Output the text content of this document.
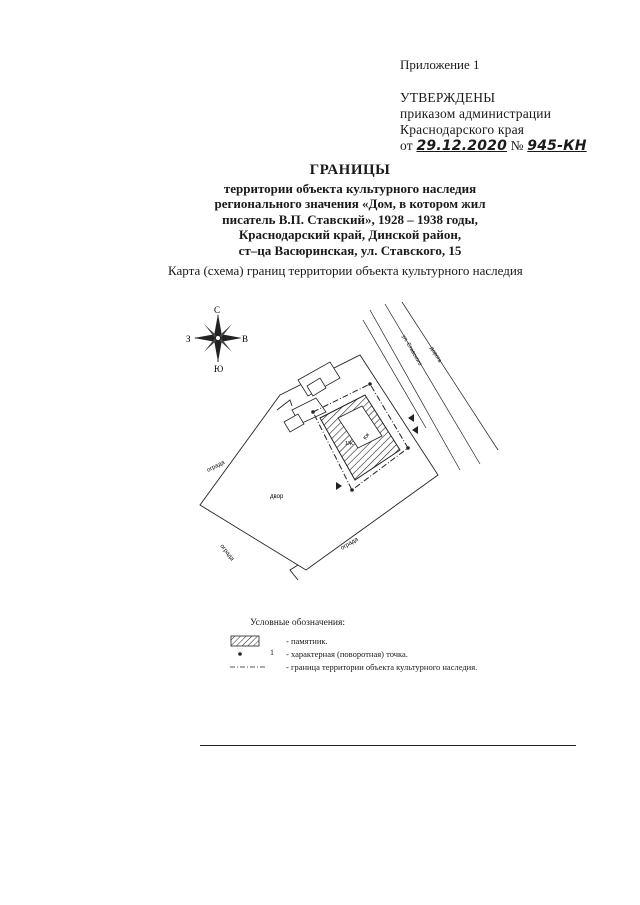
Приложение 1
УТВЕРЖДЕНЫ
приказом администрации
Краснодарского края
от 29.12.2020 № 945-КН
ГРАНИЦЫ
территории объекта культурного наследия
регионального значения «Дом, в котором жил
писатель В.П. Ставский», 1928 – 1938 годы,
Краснодарский край, Динской район,
ст–ца Васюринская, ул. Ставского, 15
Карта (схема) границ территории объекта культурного наследия
С
Ю
З	В
ограда
ограда
ограда
ул. Ставского дорога
двор
Кж
1Ж
Условные обозначения:
- памятник.
1 - характерная (поворотная) точка.
- граница территории объекта культурного наследия.
